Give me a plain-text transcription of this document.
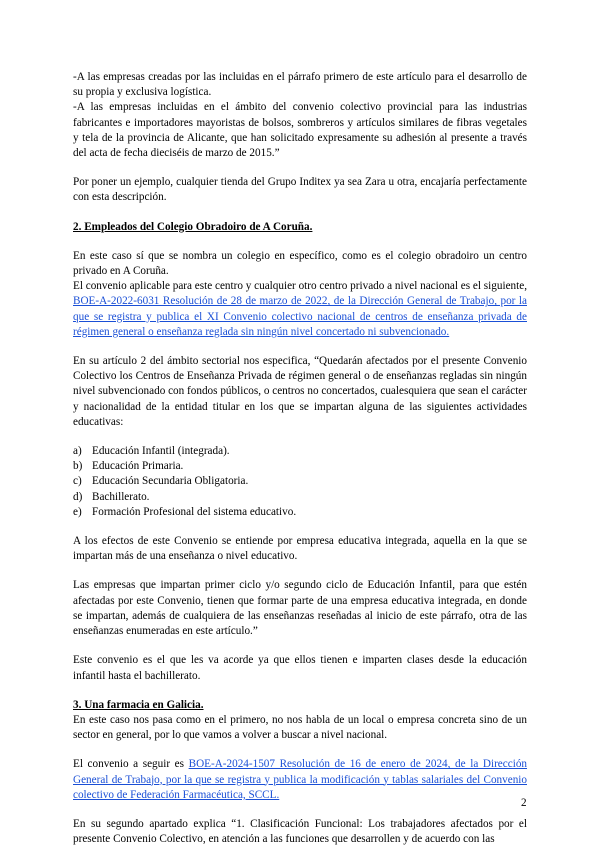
-A las empresas creadas por las incluidas en el párrafo primero de este artículo para el desarrollo de su propia y exclusiva logística.

-A las empresas incluidas en el ámbito del convenio colectivo provincial para las industrias fabricantes e importadores mayoristas de bolsos, sombreros y artículos similares de fibras vegetales y tela de la provincia de Alicante, que han solicitado expresamente su adhesión al presente a través del acta de fecha dieciséis de marzo de 2015.”

Por poner un ejemplo, cualquier tienda del Grupo Inditex ya sea Zara u otra, encajaría perfectamente con esta descripción.

2. Empleados del Colegio Obradoiro de A Coruña.

En este caso sí que se nombra un colegio en específico, como es el colegio obradoiro un centro privado en A Coruña.

El convenio aplicable para este centro y cualquier otro centro privado a nivel nacional es el siguiente, BOE-A-2022-6031 Resolución de 28 de marzo de 2022, de la Dirección General de Trabajo, por la que se registra y publica el XI Convenio colectivo nacional de centros de enseñanza privada de régimen general o enseñanza reglada sin ningún nivel concertado ni subvencionado.

En su artículo 2 del ámbito sectorial nos especifica, “Quedarán afectados por el presente Convenio Colectivo los Centros de Enseñanza Privada de régimen general o de enseñanzas regladas sin ningún nivel subvencionado con fondos públicos, o centros no concertados, cualesquiera que sean el carácter y nacionalidad de la entidad titular en los que se impartan alguna de las siguientes actividades educativas:

a) Educación Infantil (integrada).
b) Educación Primaria.
c) Educación Secundaria Obligatoria.
d) Bachillerato.
e) Formación Profesional del sistema educativo.

A los efectos de este Convenio se entiende por empresa educativa integrada, aquella en la que se impartan más de una enseñanza o nivel educativo.

Las empresas que impartan primer ciclo y/o segundo ciclo de Educación Infantil, para que estén afectadas por este Convenio, tienen que formar parte de una empresa educativa integrada, en donde se impartan, además de cualquiera de las enseñanzas reseñadas al inicio de este párrafo, otra de las enseñanzas enumeradas en este artículo.”

Este convenio es el que les va acorde ya que ellos tienen e imparten clases desde la educación infantil hasta el bachillerato.

3. Una farmacia en Galicia.

En este caso nos pasa como en el primero, no nos habla de un local o empresa concreta sino de un sector en general, por lo que vamos a volver a buscar a nivel nacional.

El convenio a seguir es BOE-A-2024-1507 Resolución de 16 de enero de 2024, de la Dirección General de Trabajo, por la que se registra y publica la modificación y tablas salariales del Convenio colectivo de Federación Farmacéutica, SCCL.

En su segundo apartado explica “1. Clasificación Funcional: Los trabajadores afectados por el presente Convenio Colectivo, en atención a las funciones que desarrollen y de acuerdo con las

2
